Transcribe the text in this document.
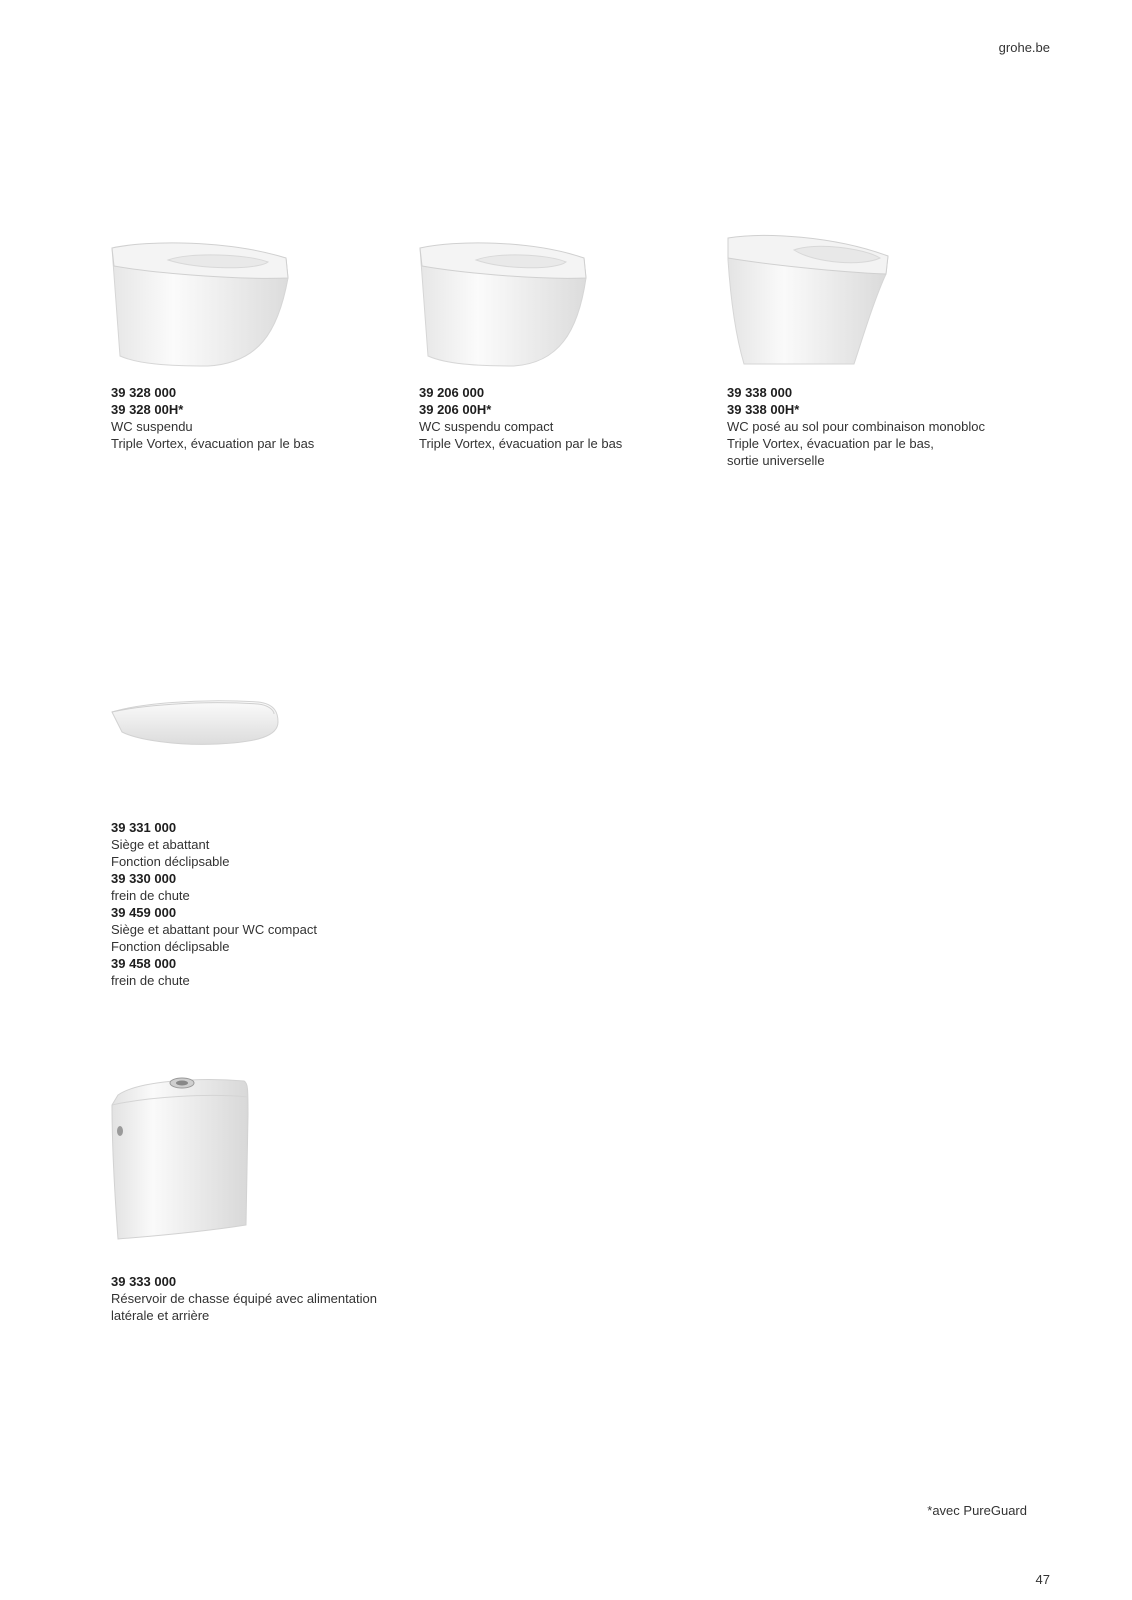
grohe.be
39 328 000
39 328 00H*
WC suspendu
Triple Vortex, évacuation par le bas
39 206 000
39 206 00H*
WC suspendu compact
Triple Vortex, évacuation par le bas
39 338 000
39 338 00H*
WC posé au sol pour combinaison monobloc
Triple Vortex, évacuation par le bas,
sortie universelle
39 331 000
Siège et abattant
Fonction déclipsable
39 330 000
frein de chute
39 459 000
Siège et abattant pour WC compact
Fonction déclipsable
39 458 000
frein de chute
39 333 000
Réservoir de chasse équipé avec alimentation
latérale et arrière
*avec PureGuard
47
